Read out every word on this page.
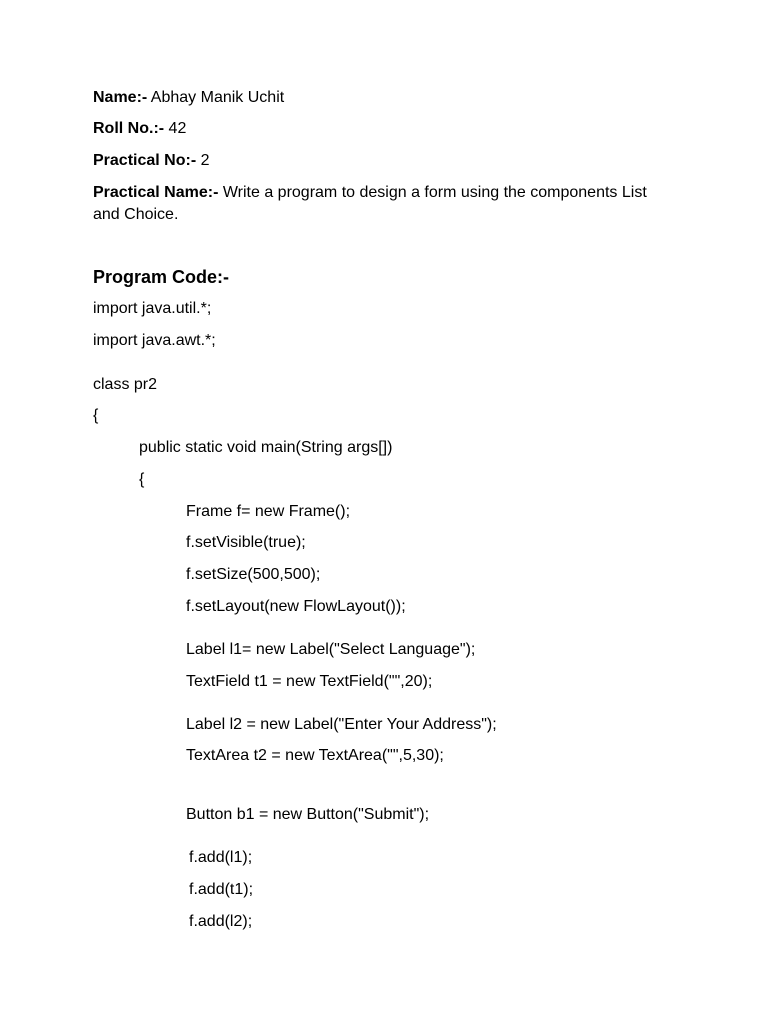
Name:- Abhay Manik Uchit
Roll No.:- 42
Practical No:- 2
Practical Name:- Write a program to design a form using the components List and Choice.
Program Code:-
import java.util.*;
import java.awt.*;
class pr2
{
public static void main(String args[])
{
Frame f= new Frame();
f.setVisible(true);
f.setSize(500,500);
f.setLayout(new FlowLayout());
Label l1= new Label("Select Language");
TextField t1 = new TextField("",20);
Label l2 = new Label("Enter Your Address");
TextArea t2 = new TextArea("",5,30);
Button b1 = new Button("Submit");
f.add(l1);
f.add(t1);
f.add(l2);
